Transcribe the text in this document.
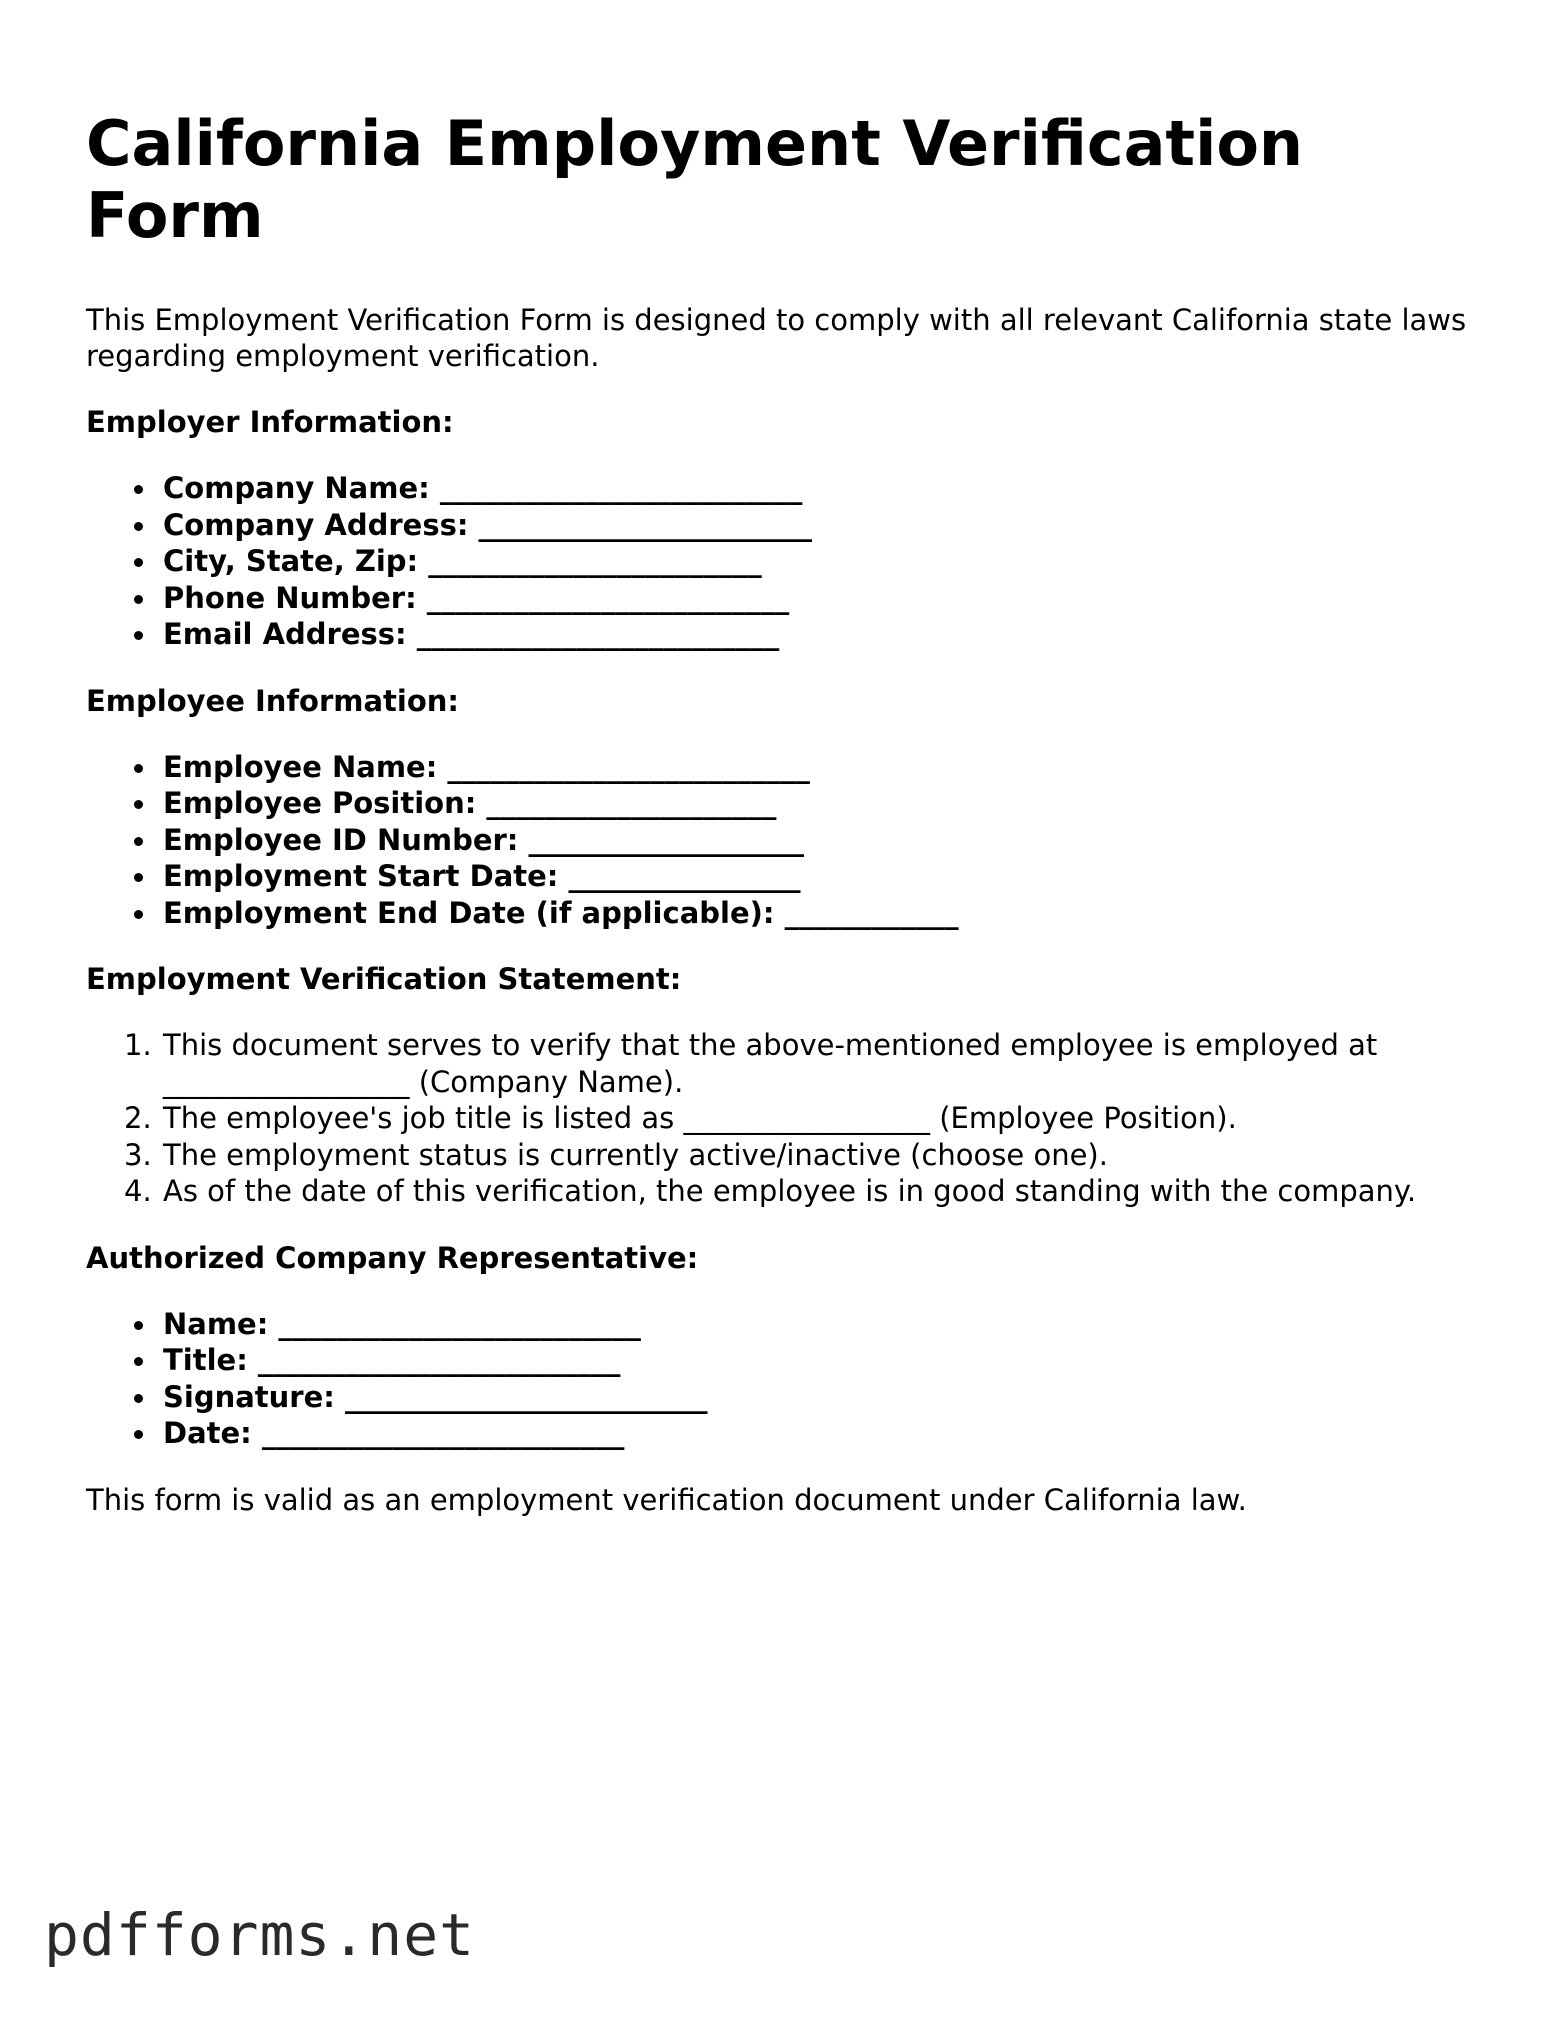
California Employment Verification Form

This Employment Verification Form is designed to comply with all relevant California state laws regarding employment verification.

Employer Information:
Company Name: _________________________
Company Address: _______________________
City, State, Zip: _______________________
Phone Number: _________________________
Email Address: _________________________
Employee Information:
Employee Name: _________________________
Employee Position: ____________________
Employee ID Number: ___________________
Employment Start Date: ________________
Employment End Date (if applicable): ____________
Employment Verification Statement:
1. This document serves to verify that the above-mentioned employee is employed at _________________ (Company Name).
2. The employee's job title is listed as _________________ (Employee Position).
3. The employment status is currently active/inactive (choose one).
4. As of the date of this verification, the employee is in good standing with the company.
Authorized Company Representative:
Name: _________________________
Title: _________________________
Signature: _________________________
Date: _________________________

This form is valid as an employment verification document under California law.

pdfforms.net
